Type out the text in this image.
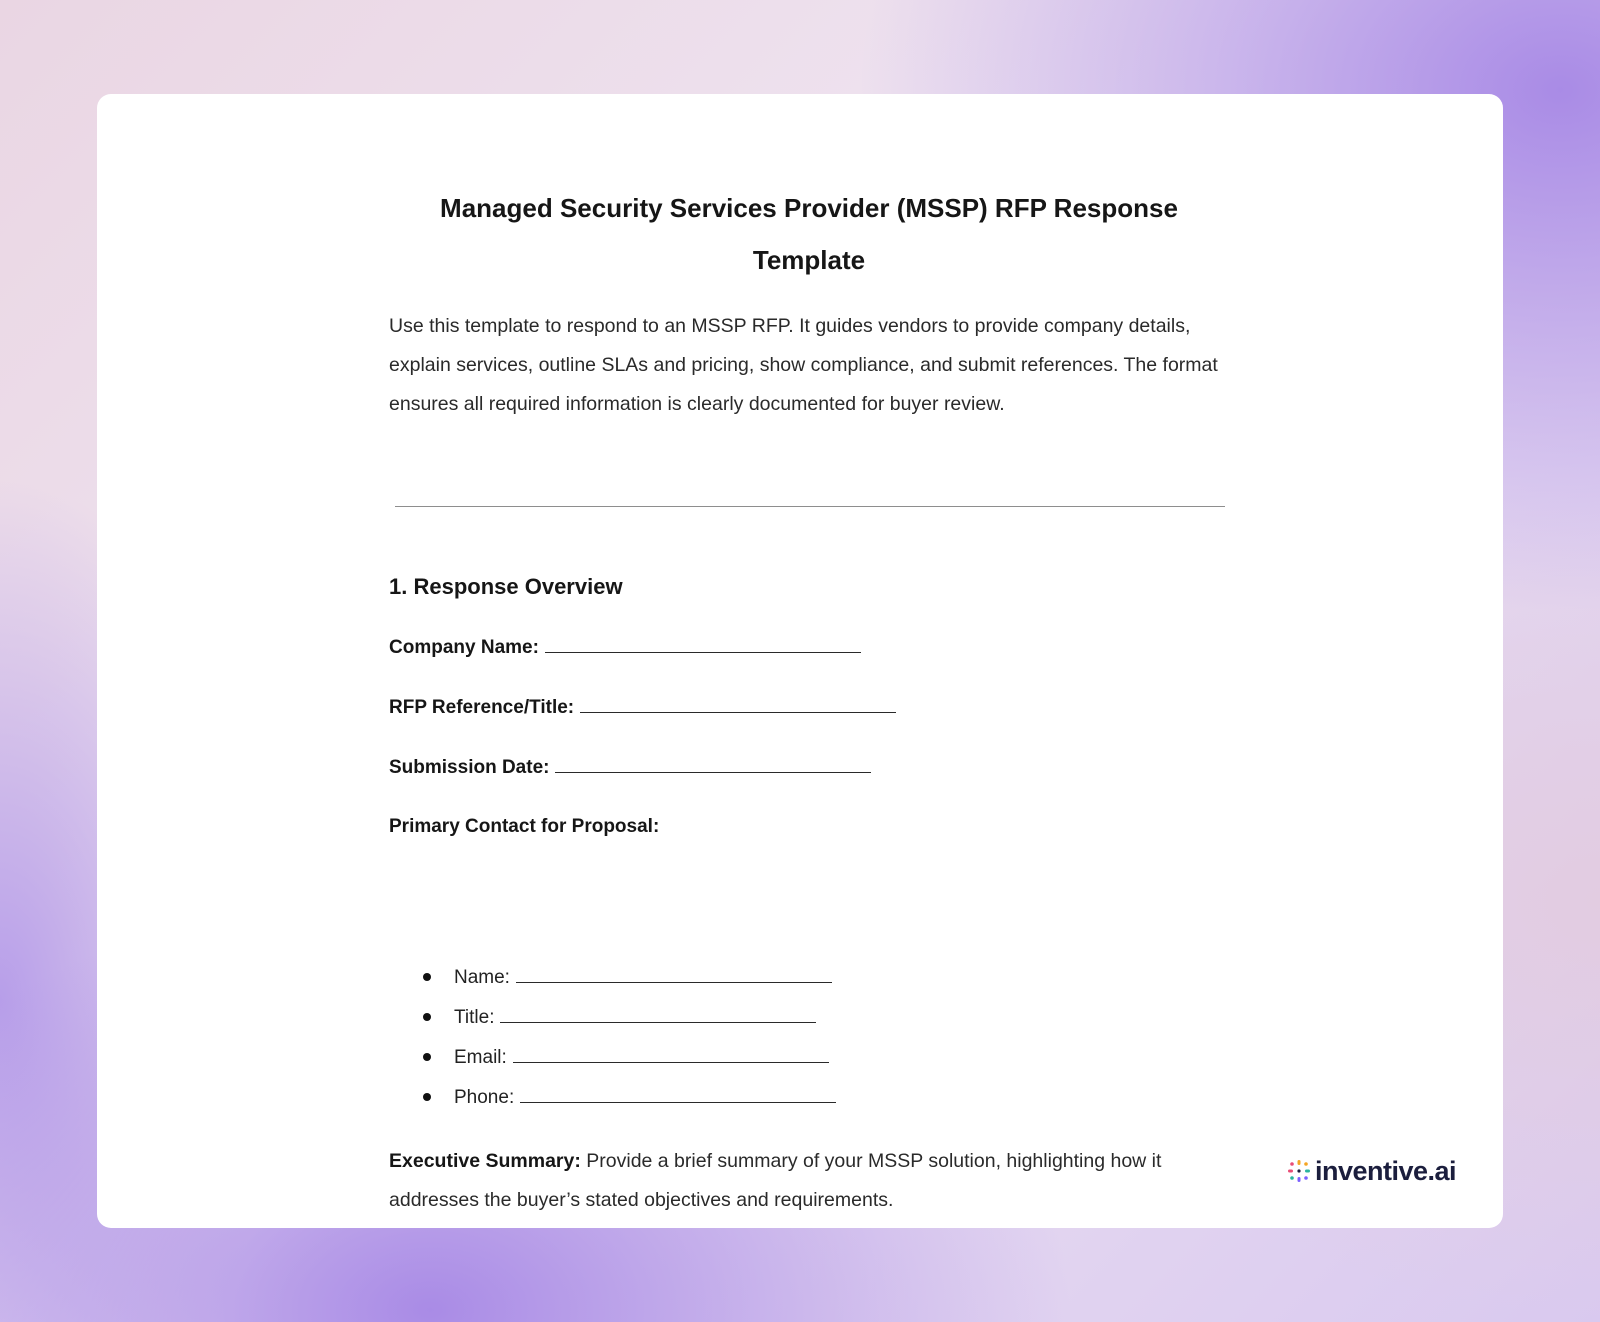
Managed Security Services Provider (MSSP) RFP Response Template

Use this template to respond to an MSSP RFP. It guides vendors to provide company details, explain services, outline SLAs and pricing, show compliance, and submit references. The format ensures all required information is clearly documented for buyer review.

1. Response Overview
Company Name:
RFP Reference/Title:
Submission Date:
Primary Contact for Proposal:
Name:
Title:
Email:
Phone:

Executive Summary: Provide a brief summary of your MSSP solution, highlighting how it addresses the buyer’s stated objectives and requirements.

inventive.ai
